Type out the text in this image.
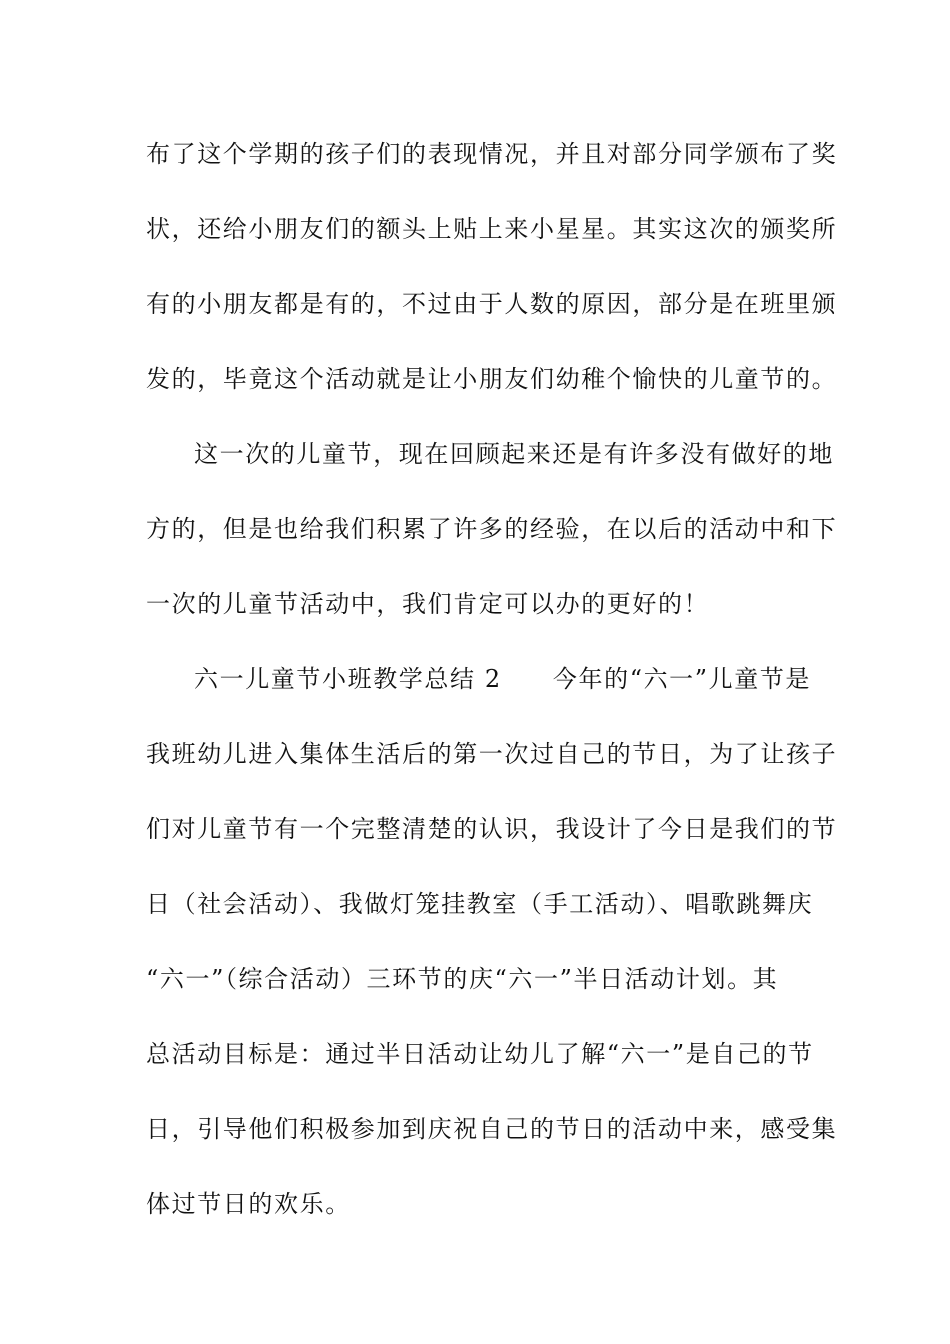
布了这个学期的孩子们的表现情况，并且对部分同学颁布了奖
状，还给小朋友们的额头上贴上来小星星。其实这次的颁奖所
有的小朋友都是有的，不过由于人数的原因，部分是在班里颁
发的，毕竟这个活动就是让小朋友们幼稚个愉快的儿童节的。
这一次的儿童节，现在回顾起来还是有许多没有做好的地
方的，但是也给我们积累了许多的经验，在以后的活动中和下
一次的儿童节活动中，我们肯定可以办的更好的！
六一儿童节小班教学总结 2　　今年的“六一”儿童节是
我班幼儿进入集体生活后的第一次过自己的节日，为了让孩子
们对儿童节有一个完整清楚的认识，我设计了今日是我们的节
日（社会活动）、我做灯笼挂教室（手工活动）、唱歌跳舞庆
“六一”（综合活动）三环节的庆“六一”半日活动计划。其
总活动目标是：通过半日活动让幼儿了解“六一”是自己的节
日，引导他们积极参加到庆祝自己的节日的活动中来，感受集
体过节日的欢乐。
